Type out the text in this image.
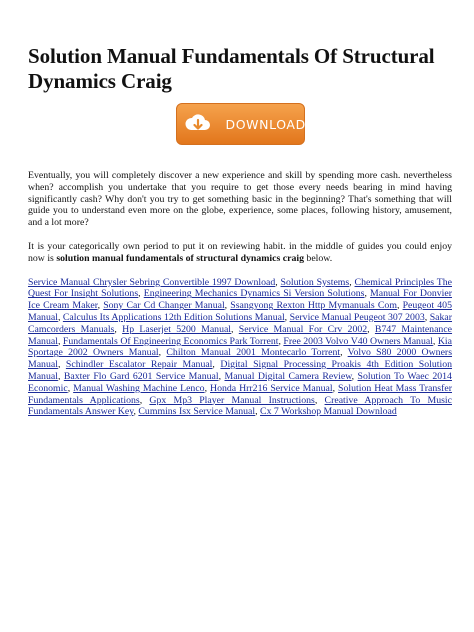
Solution Manual Fundamentals Of Structural Dynamics Craig
DOWNLOAD

Eventually, you will completely discover a new experience and skill by spending more cash. nevertheless when? accomplish you undertake that you require to get those every needs bearing in mind having significantly cash? Why don't you try to get something basic in the beginning? That's something that will guide you to understand even more on the globe, experience, some places, following history, amusement, and a lot more?

It is your categorically own period to put it on reviewing habit. in the middle of guides you could enjoy now is solution manual fundamentals of structural dynamics craig below.

Service Manual Chrysler Sebring Convertible 1997 Download, Solution Systems, Chemical Principles The Quest For Insight Solutions, Engineering Mechanics Dynamics Si Version Solutions, Manual For Donvier Ice Cream Maker, Sony Car Cd Changer Manual, Ssangyong Rexton Http Mymanuals Com, Peugeot 405 Manual, Calculus Its Applications 12th Edition Solutions Manual, Service Manual Peugeot 307 2003, Sakar Camcorders Manuals, Hp Laserjet 5200 Manual, Service Manual For Crv 2002, B747 Maintenance Manual, Fundamentals Of Engineering Economics Park Torrent, Free 2003 Volvo V40 Owners Manual, Kia Sportage 2002 Owners Manual, Chilton Manual 2001 Montecarlo Torrent, Volvo S80 2000 Owners Manual, Schindler Escalator Repair Manual, Digital Signal Processing Proakis 4th Edition Solution Manual, Baxter Flo Gard 6201 Service Manual, Manual Digital Camera Review, Solution To Waec 2014 Economic, Manual Washing Machine Lenco, Honda Hrr216 Service Manual, Solution Heat Mass Transfer Fundamentals Applications, Gpx Mp3 Player Manual Instructions, Creative Approach To Music Fundamentals Answer Key, Cummins Isx Service Manual, Cx 7 Workshop Manual Download
